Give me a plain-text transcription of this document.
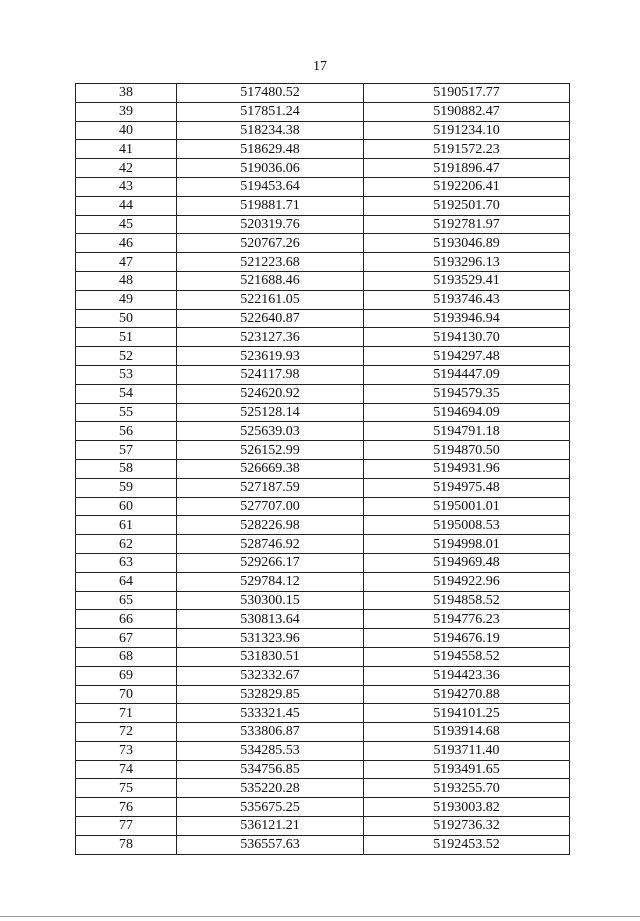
17
38	517480.52	5190517.77
39	517851.24	5190882.47
40	518234.38	5191234.10
41	518629.48	5191572.23
42	519036.06	5191896.47
43	519453.64	5192206.41
44	519881.71	5192501.70
45	520319.76	5192781.97
46	520767.26	5193046.89
47	521223.68	5193296.13
48	521688.46	5193529.41
49	522161.05	5193746.43
50	522640.87	5193946.94
51	523127.36	5194130.70
52	523619.93	5194297.48
53	524117.98	5194447.09
54	524620.92	5194579.35
55	525128.14	5194694.09
56	525639.03	5194791.18
57	526152.99	5194870.50
58	526669.38	5194931.96
59	527187.59	5194975.48
60	527707.00	5195001.01
61	528226.98	5195008.53
62	528746.92	5194998.01
63	529266.17	5194969.48
64	529784.12	5194922.96
65	530300.15	5194858.52
66	530813.64	5194776.23
67	531323.96	5194676.19
68	531830.51	5194558.52
69	532332.67	5194423.36
70	532829.85	5194270.88
71	533321.45	5194101.25
72	533806.87	5193914.68
73	534285.53	5193711.40
74	534756.85	5193491.65
75	535220.28	5193255.70
76	535675.25	5193003.82
77	536121.21	5192736.32
78	536557.63	5192453.52
